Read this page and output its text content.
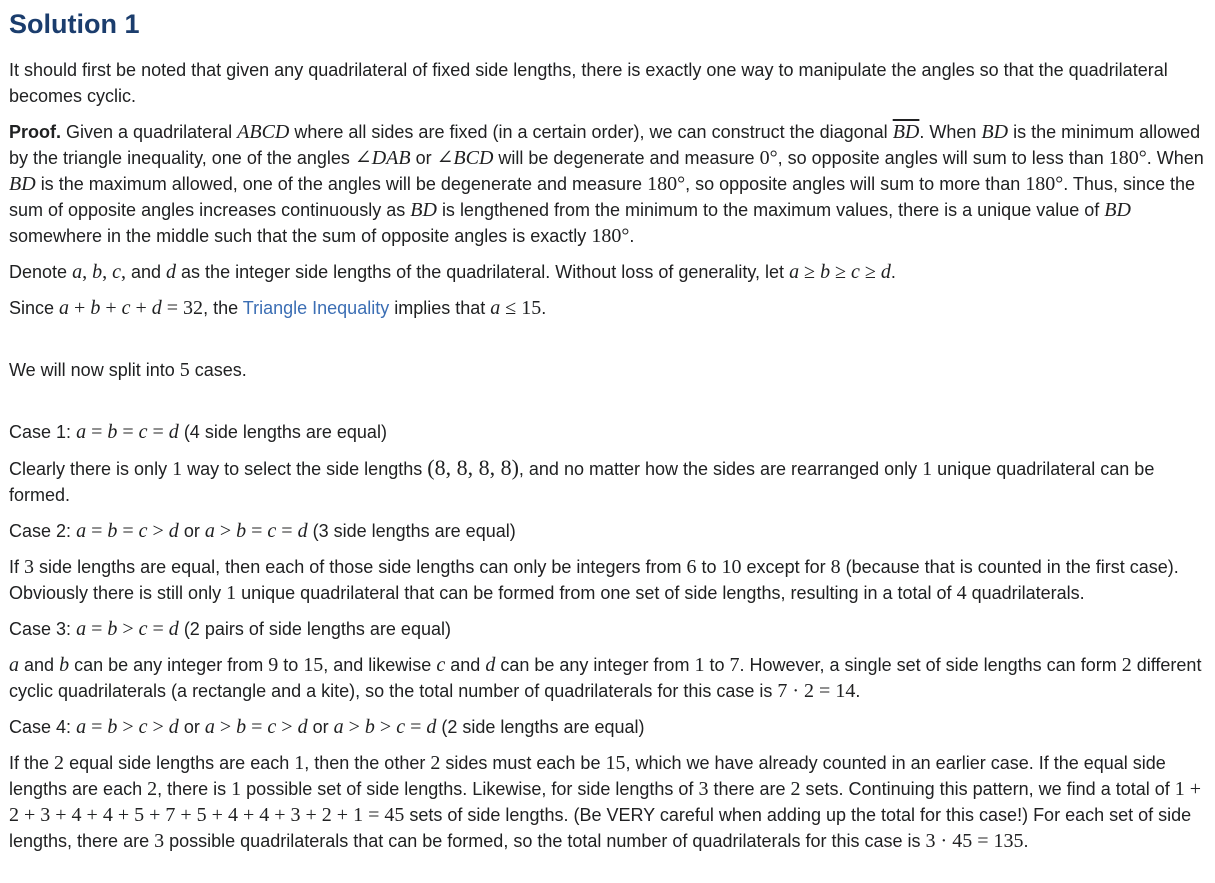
Solution 1

It should first be noted that given any quadrilateral of fixed side lengths, there is exactly one way to manipulate the angles so that the quadrilateral becomes cyclic.

Proof. Given a quadrilateral ABCD where all sides are fixed (in a certain order), we can construct the diagonal $\overline{BD}$. When BD is the minimum allowed by the triangle inequality, one of the angles ∠DAB or ∠BCD will be degenerate and measure 0°, so opposite angles will sum to less than 180°. When BD is the maximum allowed, one of the angles will be degenerate and measure 180°, so opposite angles will sum to more than 180°. Thus, since the sum of opposite angles increases continuously as BD is lengthened from the minimum to the maximum values, there is a unique value of BD somewhere in the middle such that the sum of opposite angles is exactly 180°.

Denote a, b, c, and d as the integer side lengths of the quadrilateral. Without loss of generality, let a ≥ b ≥ c ≥ d.

Since a + b + c + d = 32, the Triangle Inequality implies that a ≤ 15.

We will now split into 5 cases.

Case 1: a = b = c = d (4 side lengths are equal)

Clearly there is only 1 way to select the side lengths (8, 8, 8, 8), and no matter how the sides are rearranged only 1 unique quadrilateral can be formed.

Case 2: a = b = c > d or a > b = c = d (3 side lengths are equal)

If 3 side lengths are equal, then each of those side lengths can only be integers from 6 to 10 except for 8 (because that is counted in the first case). Obviously there is still only 1 unique quadrilateral that can be formed from one set of side lengths, resulting in a total of 4 quadrilaterals.

Case 3: a = b > c = d (2 pairs of side lengths are equal)

a and b can be any integer from 9 to 15, and likewise c and d can be any integer from 1 to 7. However, a single set of side lengths can form 2 different cyclic quadrilaterals (a rectangle and a kite), so the total number of quadrilaterals for this case is 7 · 2 = 14.

Case 4: a = b > c > d or a > b = c > d or a > b > c = d (2 side lengths are equal)

If the 2 equal side lengths are each 1, then the other 2 sides must each be 15, which we have already counted in an earlier case. If the equal side lengths are each 2, there is 1 possible set of side lengths. Likewise, for side lengths of 3 there are 2 sets. Continuing this pattern, we find a total of 1 + 2 + 3 + 4 + 4 + 5 + 7 + 5 + 4 + 4 + 3 + 2 + 1 = 45 sets of side lengths. (Be VERY careful when adding up the total for this case!) For each set of side lengths, there are 3 possible quadrilaterals that can be formed, so the total number of quadrilaterals for this case is 3 · 45 = 135.
